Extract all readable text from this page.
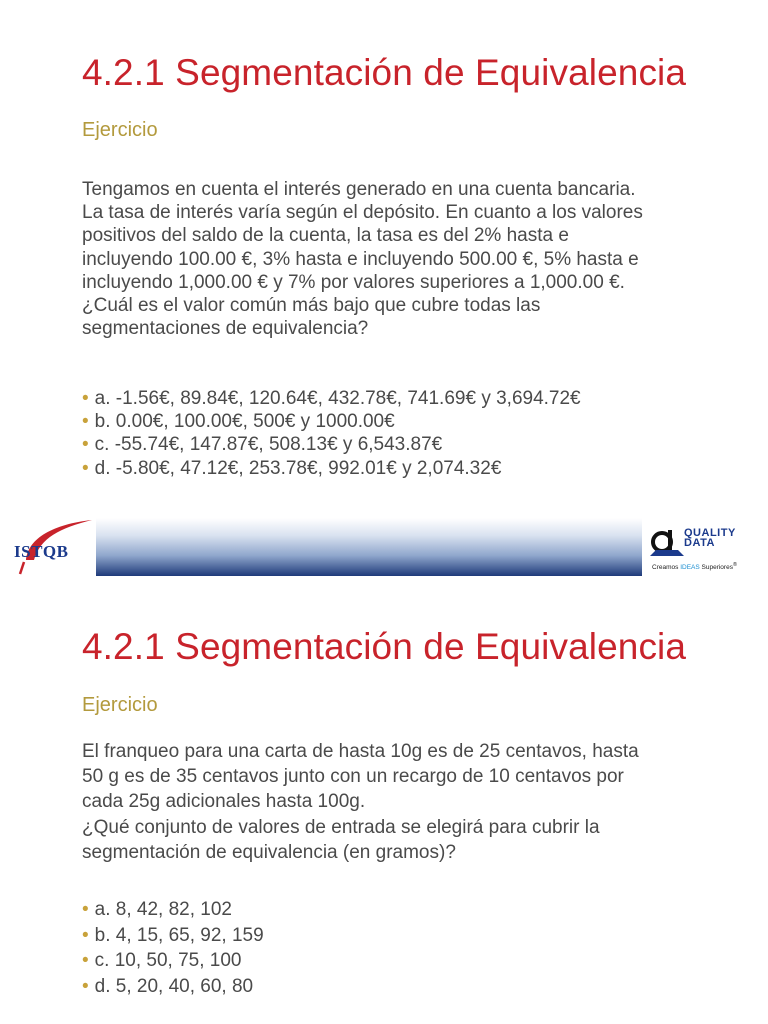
4.2.1 Segmentación de Equivalencia
Ejercicio
Tengamos en cuenta el interés generado en una cuenta bancaria.
La tasa de interés varía según el depósito. En cuanto a los valores
positivos del saldo de la cuenta, la tasa es del 2% hasta e
incluyendo 100.00 €, 3% hasta e incluyendo 500.00 €, 5% hasta e
incluyendo 1,000.00 € y 7% por valores superiores a 1,000.00 €.
¿Cuál es el valor común más bajo que cubre todas las
segmentaciones de equivalencia?
• a. -1.56€, 89.84€, 120.64€, 432.78€, 741.69€ y 3,694.72€
• b. 0.00€, 100.00€, 500€ y 1000.00€
• c. -55.74€, 147.87€, 508.13€ y 6,543.87€
• d. -5.80€, 47.12€, 253.78€, 992.01€ y 2,074.32€
ISTQB
QUALITY
DATA
Creamos IDEAS Superiores®
4.2.1 Segmentación de Equivalencia
Ejercicio
El franqueo para una carta de hasta 10g es de 25 centavos, hasta
50 g es de 35 centavos junto con un recargo de 10 centavos por
cada 25g adicionales hasta 100g.
¿Qué conjunto de valores de entrada se elegirá para cubrir la
segmentación de equivalencia (en gramos)?
• a. 8, 42, 82, 102
• b. 4, 15, 65, 92, 159
• c. 10, 50, 75, 100
• d. 5, 20, 40, 60, 80
